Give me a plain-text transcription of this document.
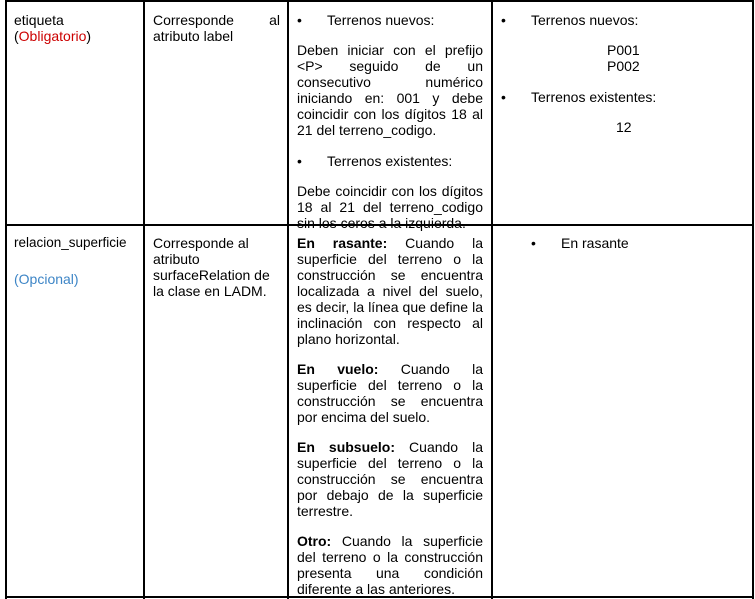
etiqueta
(Obligatorio)
Corresponde	al
atributo label
• Terrenos nuevos:

Deben iniciar con el prefijo <P> seguido de un consecutivo numérico iniciando en: 001 y debe coincidir con los dígitos 18 al 21 del terreno_codigo.

• Terrenos existentes:

Debe coincidir con los dígitos 18 al 21 del terreno_codigo sin los ceros a la izquierda.

• Terrenos nuevos:
P001
P002
• Terrenos existentes:
12
relacion_superficie
(Opcional)

Corresponde al atributo surfaceRelation de la clase en LADM.

En rasante: Cuando la superficie del terreno o la construcción se encuentra localizada a nivel del suelo, es decir, la línea que define la inclinación con respecto al plano horizontal.

En vuelo: Cuando la superficie del terreno o la construcción se encuentra por encima del suelo.

En subsuelo: Cuando la superficie del terreno o la construcción se encuentra por debajo de la superficie terrestre.

Otro: Cuando la superficie del terreno o la construcción presenta una condición diferente a las anteriores.

• En rasante
